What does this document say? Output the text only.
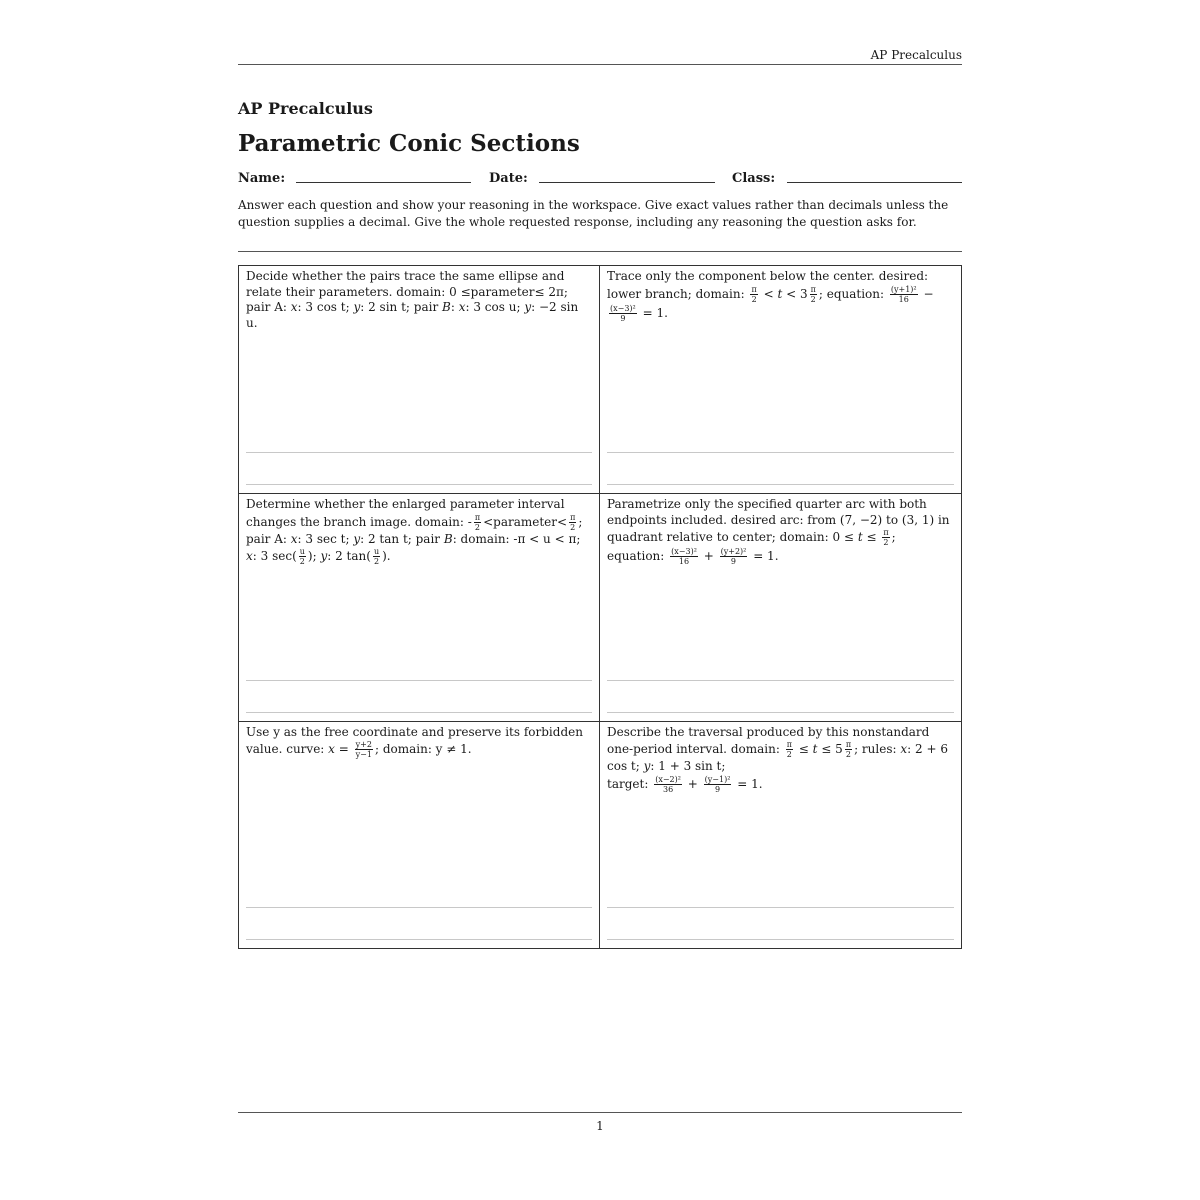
AP Precalculus
AP Precalculus
Parametric Conic Sections
Name:	Date:	Class:
Answer each question and show your reasoning in the workspace. Give exact values rather than decimals unless the question supplies a decimal. Give the whole requested response, including any reasoning the question asks for.
Decide whether the pairs trace the same ellipse and relate their parameters. domain: 0 ≤parameter≤ 2π; pair A: x: 3 cos t; y: 2 sin t; pair B: x: 3 cos u; y: −2 sin u.
Trace only the component below the center. desired: lower branch; domain: $\frac{\pi}{2} < t < 3 \frac{\pi}{2}$ ; equation: $\frac{\text{(y+1)²}}{16}$ −
$\frac{\text{(x−3)²}}{9} = 1$.
Determine whether the enlarged parameter interval changes the branch image. domain: - $\frac{\pi}{2}$ <parameter< $\frac{\pi}{2}$ ; pair A: x: 3 sec t; y: 2 tan t; pair B: domain: -π < u < π; x: 3 $\sec( \frac{u}{2}$ ); y: 2 $\tan( \frac{u}{2}$ ).
Parametrize only the specified quarter arc with both endpoints included. desired arc: from (7, −2) to (3, 1) in quadrant relative to center; domain: $0 \le t \le \frac{\pi}{2}$ ; equation: $\frac{\text{(x−3)²}}{16} + \frac{\text{(y+2)²}}{9} = 1$.
Use y as the free coordinate and preserve its forbidden value. curve: $x = \frac{y+2}{y-1}$ ; domain: y ≠ 1.
Describe the traversal produced by this nonstandard one-period interval. domain: $\frac{\pi}{2} \le t \le 5 \frac{\pi}{2}$ ; rules: x: 2 + 6 cos t; y: 1 + 3 sin t;
target: $\frac{\text{(x−2)²}}{36} + \frac{\text{(y−1)²}}{9} = 1$.
1
